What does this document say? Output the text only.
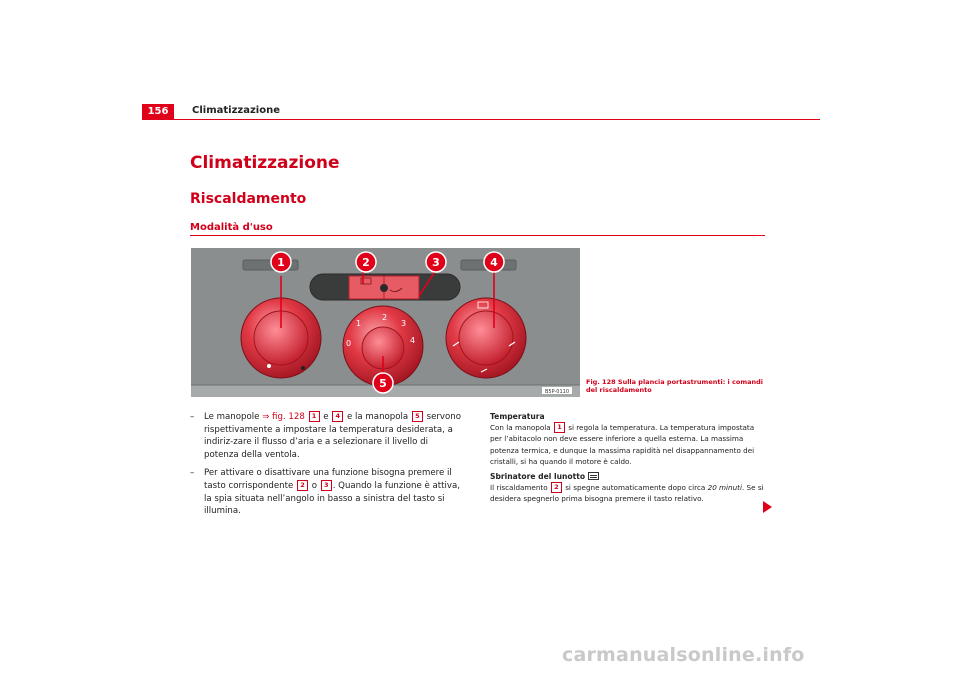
156	Climatizzazione
Climatizzazione
Riscaldamento
Modalità d'uso
0
1
2
3
4
1	2	3	4
5
B5P-0110
Fig. 128 Sulla plancia portastrumenti: i comandi del riscaldamento
– Le manopole ⇒ fig. 128 1 e 4 e la manopola 5 servono rispettivamente a impostare la temperatura desiderata, a indiriz-zare il flusso d’aria e a selezionare il livello di potenza della ventola.
– Per attivare o disattivare una funzione bisogna premere il tasto corrispondente 2 o 3 . Quando la funzione è attiva, la spia situata nell’angolo in basso a sinistra del tasto si illumina.
Temperatura
Con la manopola 1 si regola la temperatura. La temperatura impostata per l’abitacolo non deve essere inferiore a quella esterna. La massima potenza termica, e dunque la massima rapidità nel disappannamento dei cristalli, si ha quando il motore è caldo.
Sbrinatore del lunotto
Il riscaldamento 2 si spegne automaticamente dopo circa 20 minuti. Se si desidera spegnerlo prima bisogna premere il tasto relativo.
carmanualsonline.info
